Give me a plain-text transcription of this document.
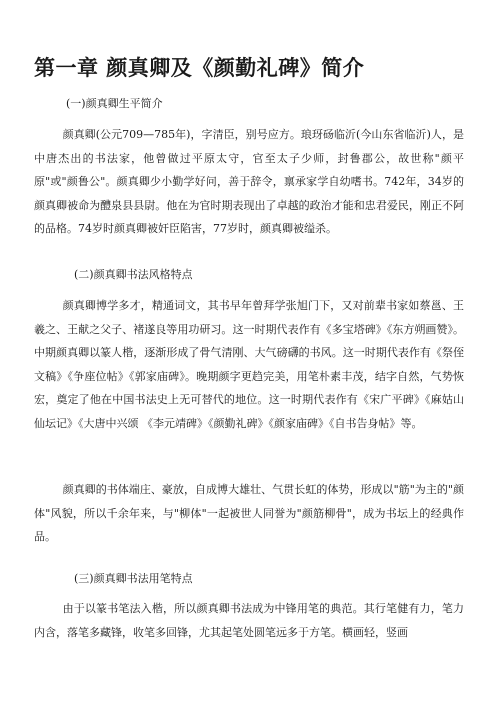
第一章 颜真卿及《颜勤礼碑》简介
(一)颜真卿生平简介
颜真卿(公元709—785年)，字清臣，别号应方。琅玡砀临沂(今山东省临沂)人，是中唐杰出的书法家，他曾做过平原太守，官至太子少师，封鲁郡公，故世称"颜平原"或"颜鲁公"。颜真卿少小勤学好问，善于辞令，禀承家学自幼嗜书。742年，34岁的颜真卿被命为醴泉县县尉。他在为官时期表现出了卓越的政治才能和忠君爱民，刚正不阿的品格。74岁时颜真卿被奸臣陷害，77岁时，颜真卿被缢杀。
(二)颜真卿书法风格特点
颜真卿博学多才，精通词文，其书早年曾拜学张旭门下，又对前辈书家如蔡邕、王羲之、王献之父子、褚遂良等用功研习。这一时期代表作有《多宝塔碑》《东方朔画赞》。中期颜真卿以篆人楷，逐渐形成了骨气清刚、大气磅礴的书风。这一时期代表作有《祭侄文稿》《争座位帖》《郭家庙碑》。晚期颜字更趋完美，用笔朴素丰茂，结字自然，气势恢宏，奠定了他在中国书法史上无可替代的地位。这一时期代表作有《宋广平碑》《麻姑山仙坛记》《大唐中兴颂 《李元靖碑》《颜勤礼碑》《颜家庙碑》《自书告身帖》等。
颜真卿的书体端庄、豪放，自成博大雄壮、气贯长虹的体势，形成以"筋"为主的"颜体"风貌，所以千余年来，与"柳体"一起被世人同誉为"颜筋柳骨"，成为书坛上的经典作品。
(三)颜真卿书法用笔特点
由于以篆书笔法入楷，所以颜真卿书法成为中锋用笔的典范。其行笔健有力，笔力内含，落笔多藏锋，收笔多回锋，尤其起笔处圆笔远多于方笔。横画轻，竖画
